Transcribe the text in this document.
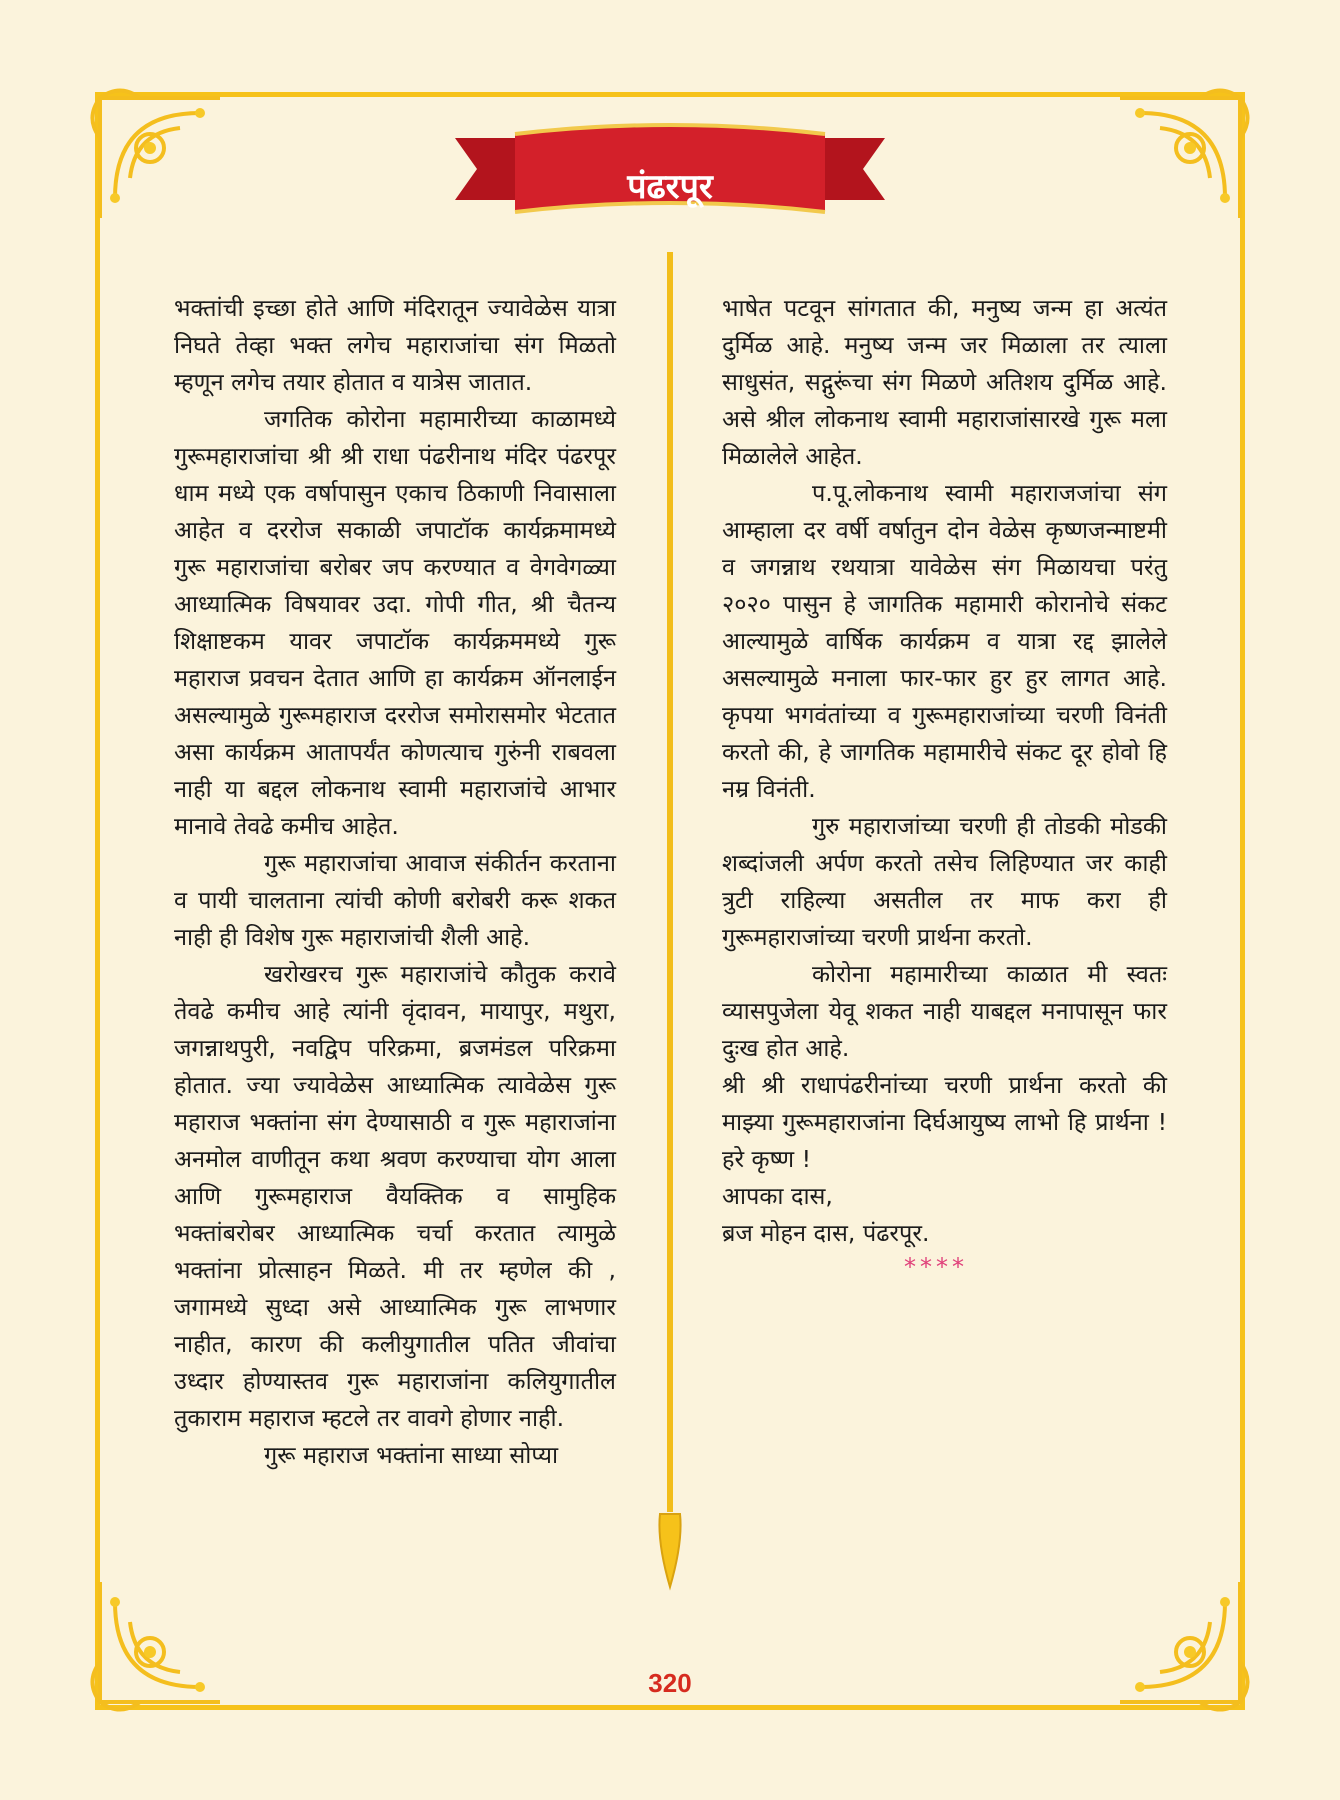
पंढरपूर

भक्तांची इच्छा होते आणि मंदिरातून ज्यावेळेस यात्रा निघते तेव्हा भक्त लगेच महाराजांचा संग मिळतो म्हणून लगेच तयार होतात व यात्रेस जातात.

जगतिक कोरोना महामारीच्या काळामध्ये गुरूमहाराजांचा श्री श्री राधा पंढरीनाथ मंदिर पंढरपूर धाम मध्ये एक वर्षापासुन एकाच ठिकाणी निवासाला आहेत व दररोज सकाळी जपाटॉक कार्यक्रमामध्ये गुरू महाराजांचा बरोबर जप करण्यात व वेगवेगळ्या आध्यात्मिक विषयावर उदा. गोपी गीत, श्री चैतन्य शिक्षाष्टकम यावर जपाटॉक कार्यक्रममध्ये गुरू महाराज प्रवचन देतात आणि हा कार्यक्रम ऑनलाईन असल्यामुळे गुरूमहाराज दररोज समोरासमोर भेटतात असा कार्यक्रम आतापर्यंत कोणत्याच गुरुंनी राबवला नाही या बद्दल लोकनाथ स्वामी महाराजांचे आभार मानावे तेवढे कमीच आहेत.

गुरू महाराजांचा आवाज संकीर्तन करताना व पायी चालताना त्यांची कोणी बरोबरी करू शकत नाही ही विशेष गुरू महाराजांची शैली आहे.

खरोखरच गुरू महाराजांचे कौतुक करावे तेवढे कमीच आहे त्यांनी वृंदावन, मायापुर, मथुरा, जगन्नाथपुरी, नवद्विप परिक्रमा, ब्रजमंडल परिक्रमा होतात. ज्या ज्यावेळेस आध्यात्मिक त्यावेळेस गुरू महाराज भक्तांना संग देण्यासाठी व गुरू महाराजांना अनमोल वाणीतून कथा श्रवण करण्याचा योग आला आणि गुरूमहाराज वैयक्तिक व सामुहिक भक्तांबरोबर आध्यात्मिक चर्चा करतात त्यामुळे भक्तांना प्रोत्साहन मिळते. मी तर म्हणेल की , जगामध्ये सुध्दा असे आध्यात्मिक गुरू लाभणार नाहीत, कारण की कलीयुगातील पतित जीवांचा उध्दार होण्यास्तव गुरू महाराजांना कलियुगातील तुकाराम महाराज म्हटले तर वावगे होणार नाही.

गुरू महाराज भक्तांना साध्या सोप्या

भाषेत पटवून सांगतात की, मनुष्य जन्म हा अत्यंत दुर्मिळ आहे. मनुष्य जन्म जर मिळाला तर त्याला साधुसंत, सद्गुरूंचा संग मिळणे अतिशय दुर्मिळ आहे. असे श्रील लोकनाथ स्वामी महाराजांसारखे गुरू मला मिळालेले आहेत.

प.पू.लोकनाथ स्वामी महाराजजांचा संग आम्हाला दर वर्षी वर्षातुन दोन वेळेस कृष्णजन्माष्टमी व जगन्नाथ रथयात्रा यावेळेस संग मिळायचा परंतु २०२० पासुन हे जागतिक महामारी कोरानोचे संकट आल्यामुळे वार्षिक कार्यक्रम व यात्रा रद्द झालेले असल्यामुळे मनाला फार-फार हुर हुर लागत आहे. कृपया भगवंतांच्या व गुरूमहाराजांच्या चरणी विनंती करतो की, हे जागतिक महामारीचे संकट दूर होवो हि नम्र विनंती.

गुरु महाराजांच्या चरणी ही तोडकी मोडकी शब्दांजली अर्पण करतो तसेच लिहिण्यात जर काही त्रुटी राहिल्या असतील तर माफ करा ही गुरूमहाराजांच्या चरणी प्रार्थना करतो.

कोरोना महामारीच्या काळात मी स्वतः व्यासपुजेला येवू शकत नाही याबद्दल मनापासून फार दुःख होत आहे.

श्री श्री राधापंढरीनांच्या चरणी प्रार्थना करतो की माझ्या गुरूमहाराजांना दिर्घआयुष्य लाभो हि प्रार्थना ! हरे कृष्ण !

आपका दास,

ब्रज मोहन दास, पंढरपूर.

****
320
